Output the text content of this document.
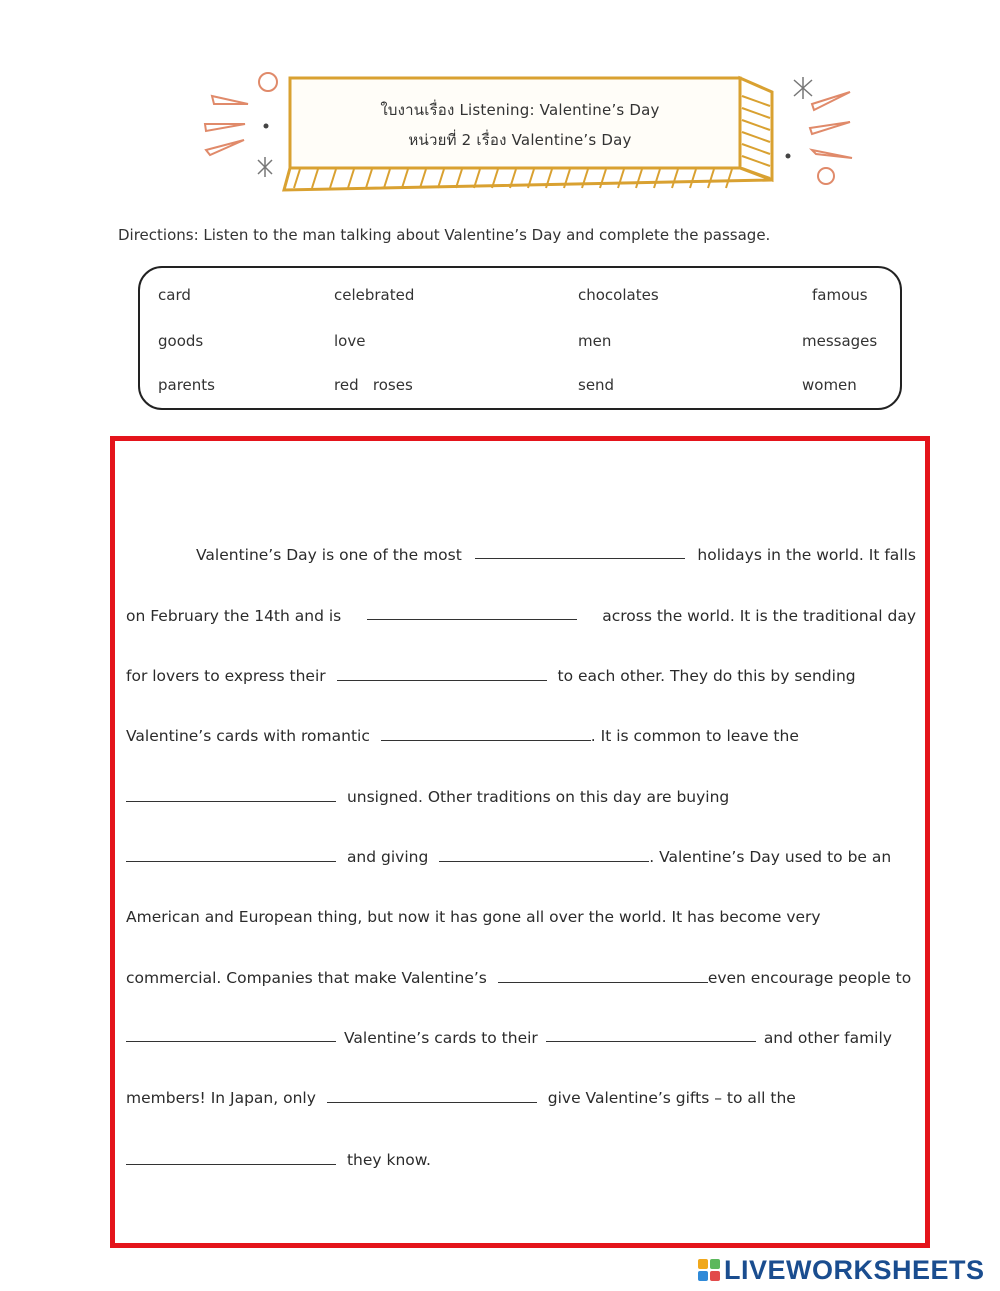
ใบงานเรื่อง Listening: Valentine’s Day
หน่วยที่ 2 เรื่อง Valentine’s Day
Directions: Listen to the man talking about Valentine’s Day and complete the passage.
card	celebrated	chocolates	famous
goods	love	men	messages
parents	red   roses	send	women
Valentine’s Day is one of the most	holidays in the world. It falls
on February the 14th and is	across the world. It is the traditional day
for lovers to express their	to each other. They do this by sending
Valentine’s cards with romantic	. It is common to leave the
unsigned. Other traditions on this day are buying
and giving	. Valentine’s Day used to be an
American and European thing, but now it has gone all over the world. It has become very
commercial. Companies that make Valentine’s	even encourage people to
Valentine’s cards to their	and other family
members! In Japan, only	give Valentine’s gifts – to all the
they know.
LIVEWORKSHEETS
